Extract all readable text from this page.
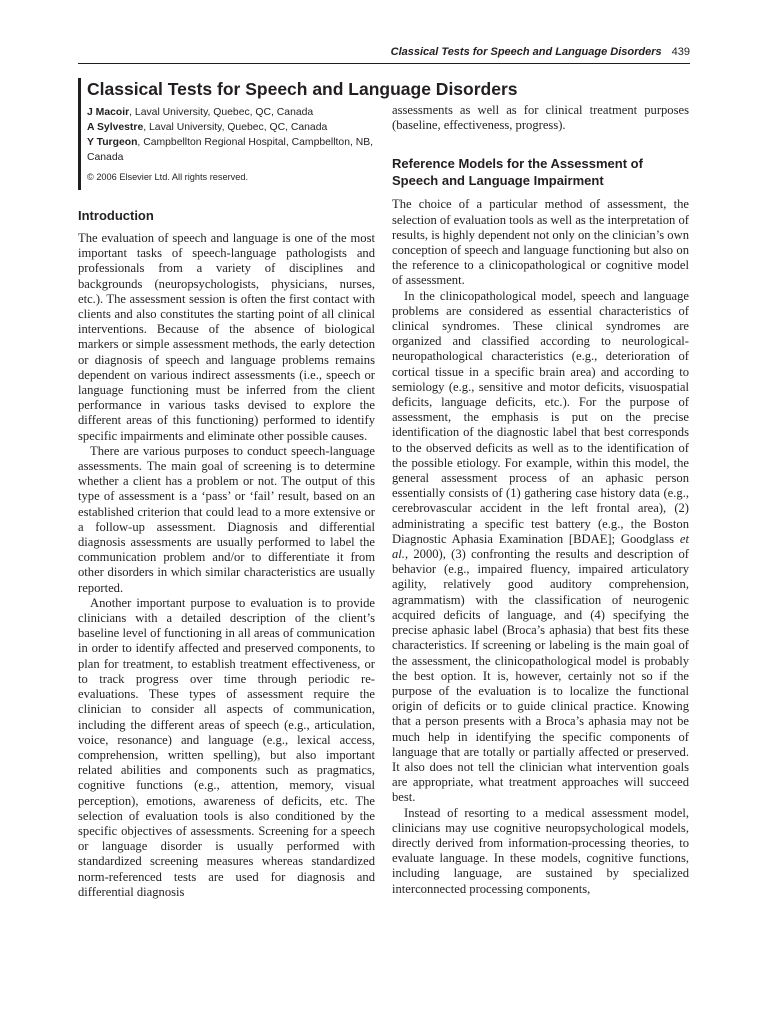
Classical Tests for Speech and Language Disorders 439
Classical Tests for Speech and Language Disorders
J Macoir, Laval University, Quebec, QC, Canada
A Sylvestre, Laval University, Quebec, QC, Canada
Y Turgeon, Campbellton Regional Hospital, Campbellton, NB, Canada
© 2006 Elsevier Ltd. All rights reserved.
Introduction

The evaluation of speech and language is one of the most important tasks of speech-language pathologists and professionals from a variety of disciplines and backgrounds (neuropsychologists, physicians, nurses, etc.). The assessment session is often the first contact with clients and also constitutes the starting point of all clinical interventions. Because of the absence of biological markers or simple assessment methods, the early detection or diagnosis of speech and language problems remains dependent on various indirect assessments (i.e., speech or language functioning must be inferred from the client performance in various tasks devised to explore the different areas of this functioning) performed to identify specific impairments and eliminate other possible causes.

There are various purposes to conduct speech-language assessments. The main goal of screening is to determine whether a client has a problem or not. The output of this type of assessment is a ‘pass’ or ‘fail’ result, based on an established criterion that could lead to a more extensive or a follow-up assessment. Diagnosis and differential diagnosis assessments are usually performed to label the communication problem and/or to differentiate it from other disorders in which similar characteristics are usually reported.

Another important purpose to evaluation is to provide clinicians with a detailed description of the client’s baseline level of functioning in all areas of communication in order to identify affected and preserved components, to plan for treatment, to establish treatment effectiveness, or to track progress over time through periodic re-evaluations. These types of assessment require the clinician to consider all aspects of communication, including the different areas of speech (e.g., articulation, voice, resonance) and language (e.g., lexical access, comprehension, written spelling), but also important related abilities and components such as pragmatics, cognitive functions (e.g., attention, memory, visual perception), emotions, awareness of deficits, etc. The selection of evaluation tools is also conditioned by the specific objectives of assessments. Screening for a speech or language disorder is usually performed with standardized screening measures whereas standardized norm-referenced tests are used for diagnosis and differential diagnosis

assessments as well as for clinical treatment purposes (baseline, effectiveness, progress).

Reference Models for the Assessment of Speech and Language Impairment

The choice of a particular method of assessment, the selection of evaluation tools as well as the interpretation of results, is highly dependent not only on the clinician’s own conception of speech and language functioning but also on the reference to a clinicopathological or cognitive model of assessment.

In the clinicopathological model, speech and language problems are considered as essential characteristics of clinical syndromes. These clinical syndromes are organized and classified according to neurological-neuropathological characteristics (e.g., deterioration of cortical tissue in a specific brain area) and according to semiology (e.g., sensitive and motor deficits, visuospatial deficits, language deficits, etc.). For the purpose of assessment, the emphasis is put on the precise identification of the diagnostic label that best corresponds to the observed deficits as well as to the identification of the possible etiology. For example, within this model, the general assessment process of an aphasic person essentially consists of (1) gathering case history data (e.g., cerebrovascular accident in the left frontal area), (2) administrating a specific test battery (e.g., the Boston Diagnostic Aphasia Examination [BDAE]; Goodglass et al., 2000), (3) confronting the results and description of behavior (e.g., impaired fluency, impaired articulatory agility, relatively good auditory comprehension, agrammatism) with the classification of neurogenic acquired deficits of language, and (4) specifying the precise aphasic label (Broca’s aphasia) that best fits these characteristics. If screening or labeling is the main goal of the assessment, the clinicopathological model is probably the best option. It is, however, certainly not so if the purpose of the evaluation is to localize the functional origin of deficits or to guide clinical practice. Knowing that a person presents with a Broca’s aphasia may not be much help in identifying the specific components of language that are totally or partially affected or preserved. It also does not tell the clinician what intervention goals are appropriate, what treatment approaches will succeed best.

Instead of resorting to a medical assessment model, clinicians may use cognitive neuropsychological models, directly derived from information-processing theories, to evaluate language. In these models, cognitive functions, including language, are sustained by specialized interconnected processing components,
